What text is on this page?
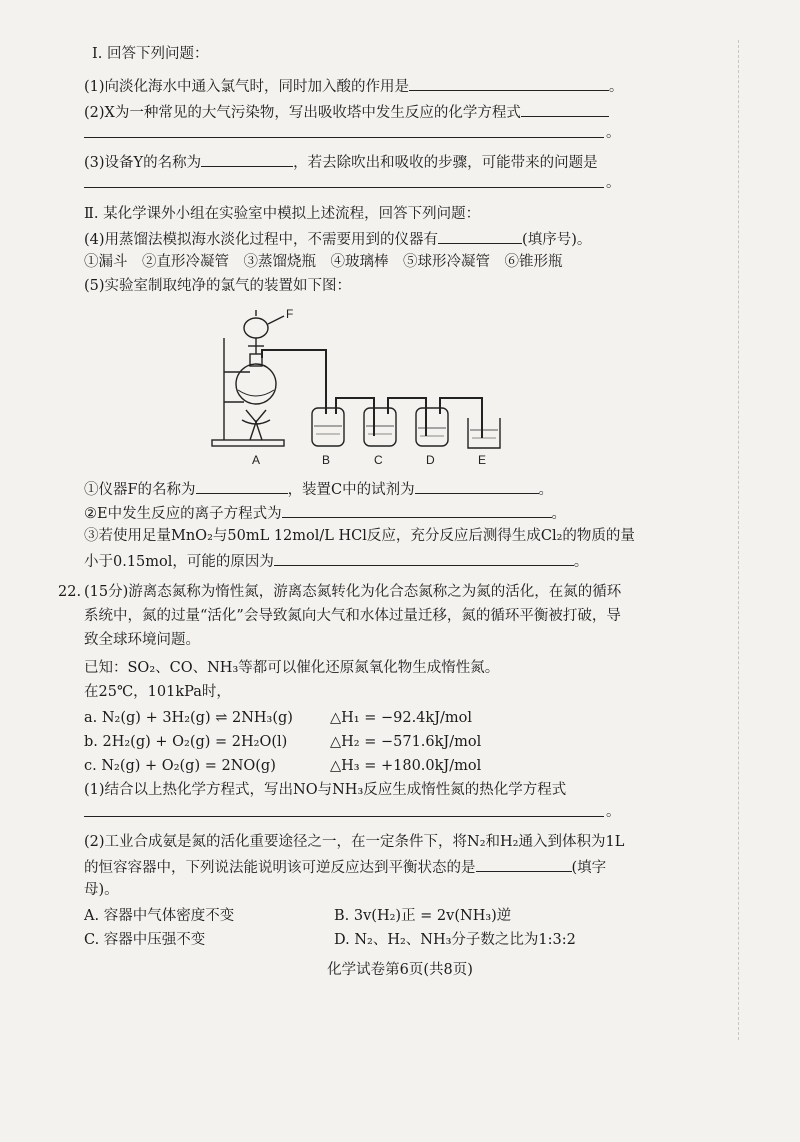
Ⅰ. 回答下列问题：
(1)向淡化海水中通入氯气时，同时加入酸的作用是	。
(2)X为一种常见的大气污染物，写出吸收塔中发生反应的化学方程式
。
(3)设备Y的名称为	，若去除吹出和吸收的步骤，可能带来的问题是
。
Ⅱ. 某化学课外小组在实验室中模拟上述流程，回答下列问题：
(4)用蒸馏法模拟海水淡化过程中，不需要用到的仪器有	(填序号)。
①漏斗　②直形冷凝管　③蒸馏烧瓶　④玻璃棒　⑤球形冷凝管　⑥锥形瓶
(5)实验室制取纯净的氯气的装置如下图：
F
A	B	C	D	E
①仪器F的名称为	，装置C中的试剂为	。
②E中发生反应的离子方程式为	。
③若使用足量MnO₂与50mL 12mol/L HCl反应，充分反应后测得生成Cl₂的物质的量
小于0.15mol，可能的原因为	。
22. (15分)游离态氮称为惰性氮，游离态氮转化为化合态氮称之为氮的活化，在氮的循环
系统中，氮的过量“活化”会导致氮向大气和水体过量迁移，氮的循环平衡被打破，导
致全球环境问题。
已知：SO₂、CO、NH₃等都可以催化还原氮氧化物生成惰性氮。
在25℃，101kPa时，
a. N₂(g) + 3H₂(g) ⇌ 2NH₃(g)	△H₁ = −92.4kJ/mol
b. 2H₂(g) + O₂(g) = 2H₂O(l)	△H₂ = −571.6kJ/mol
c. N₂(g) + O₂(g) = 2NO(g)	△H₃ = +180.0kJ/mol
(1)结合以上热化学方程式，写出NO与NH₃反应生成惰性氮的热化学方程式
。
(2)工业合成氨是氮的活化重要途径之一，在一定条件下，将N₂和H₂通入到体积为1L
的恒容容器中，下列说法能说明该可逆反应达到平衡状态的是	(填字
母)。
A. 容器中气体密度不变	B. 3v(H₂)正 = 2v(NH₃)逆
C. 容器中压强不变	D. N₂、H₂、NH₃分子数之比为1:3:2
化学试卷第6页(共8页)
